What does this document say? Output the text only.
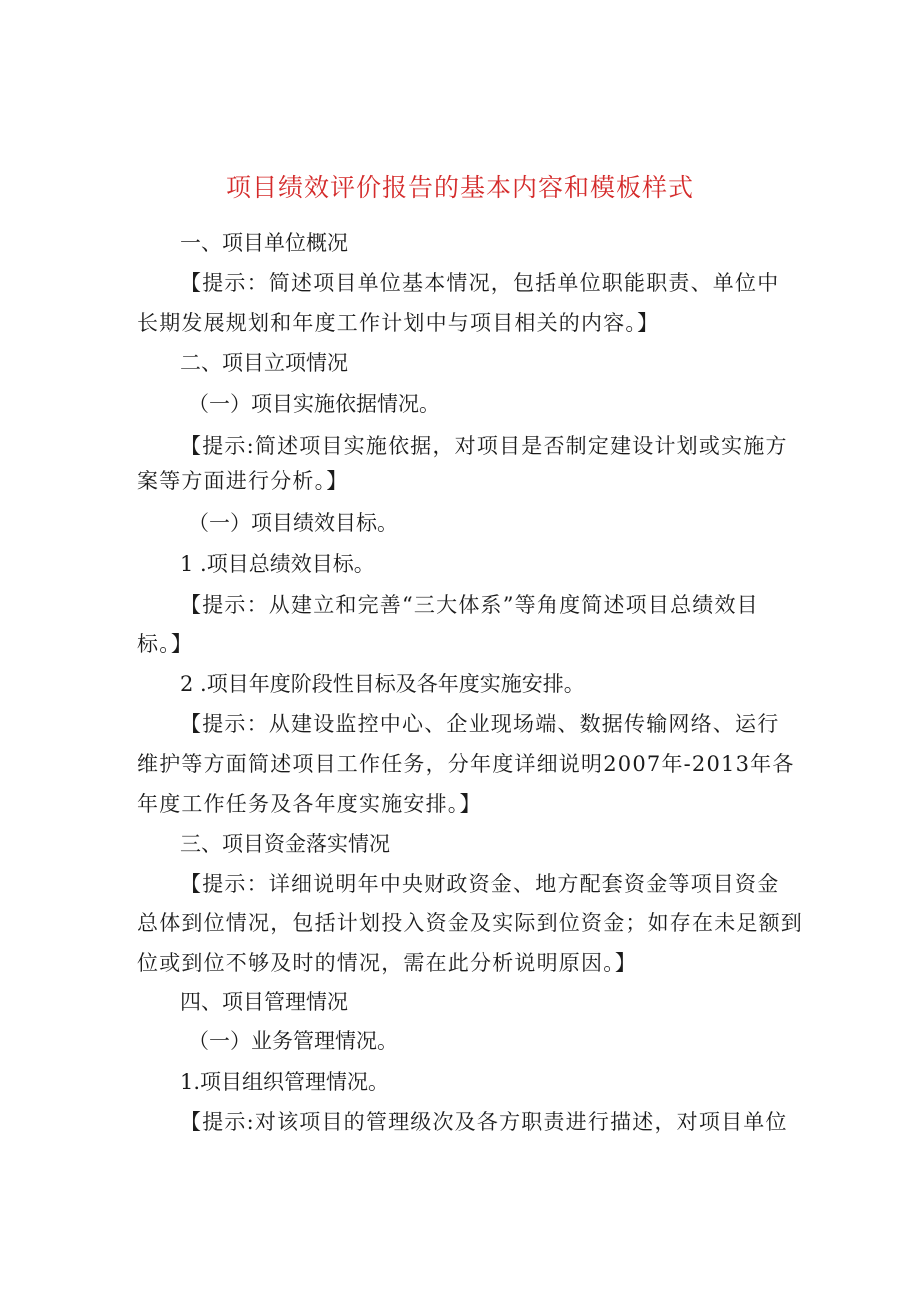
项目绩效评价报告的基本内容和模板样式
一、项目单位概况
【提示：简述项目单位基本情况，包括单位职能职责、单位中
长期发展规划和年度工作计划中与项目相关的内容。】
二、项目立项情况
（一）项目实施依据情况。
【提示:简述项目实施依据，对项目是否制定建设计划或实施方
案等方面进行分析。】
（一）项目绩效目标。
1 .项目总绩效目标。
【提示：从建立和完善“三大体系”等角度简述项目总绩效目
标。】
2 .项目年度阶段性目标及各年度实施安排。
【提示：从建设监控中心、企业现场端、数据传输网络、运行
维护等方面简述项目工作任务，分年度详细说明2007年-2013年各
年度工作任务及各年度实施安排。】
三、项目资金落实情况
【提示：详细说明年中央财政资金、地方配套资金等项目资金
总体到位情况，包括计划投入资金及实际到位资金；如存在未足额到
位或到位不够及时的情况，需在此分析说明原因。】
四、项目管理情况
（一）业务管理情况。
1.项目组织管理情况。
【提示:对该项目的管理级次及各方职责进行描述，对项目单位
